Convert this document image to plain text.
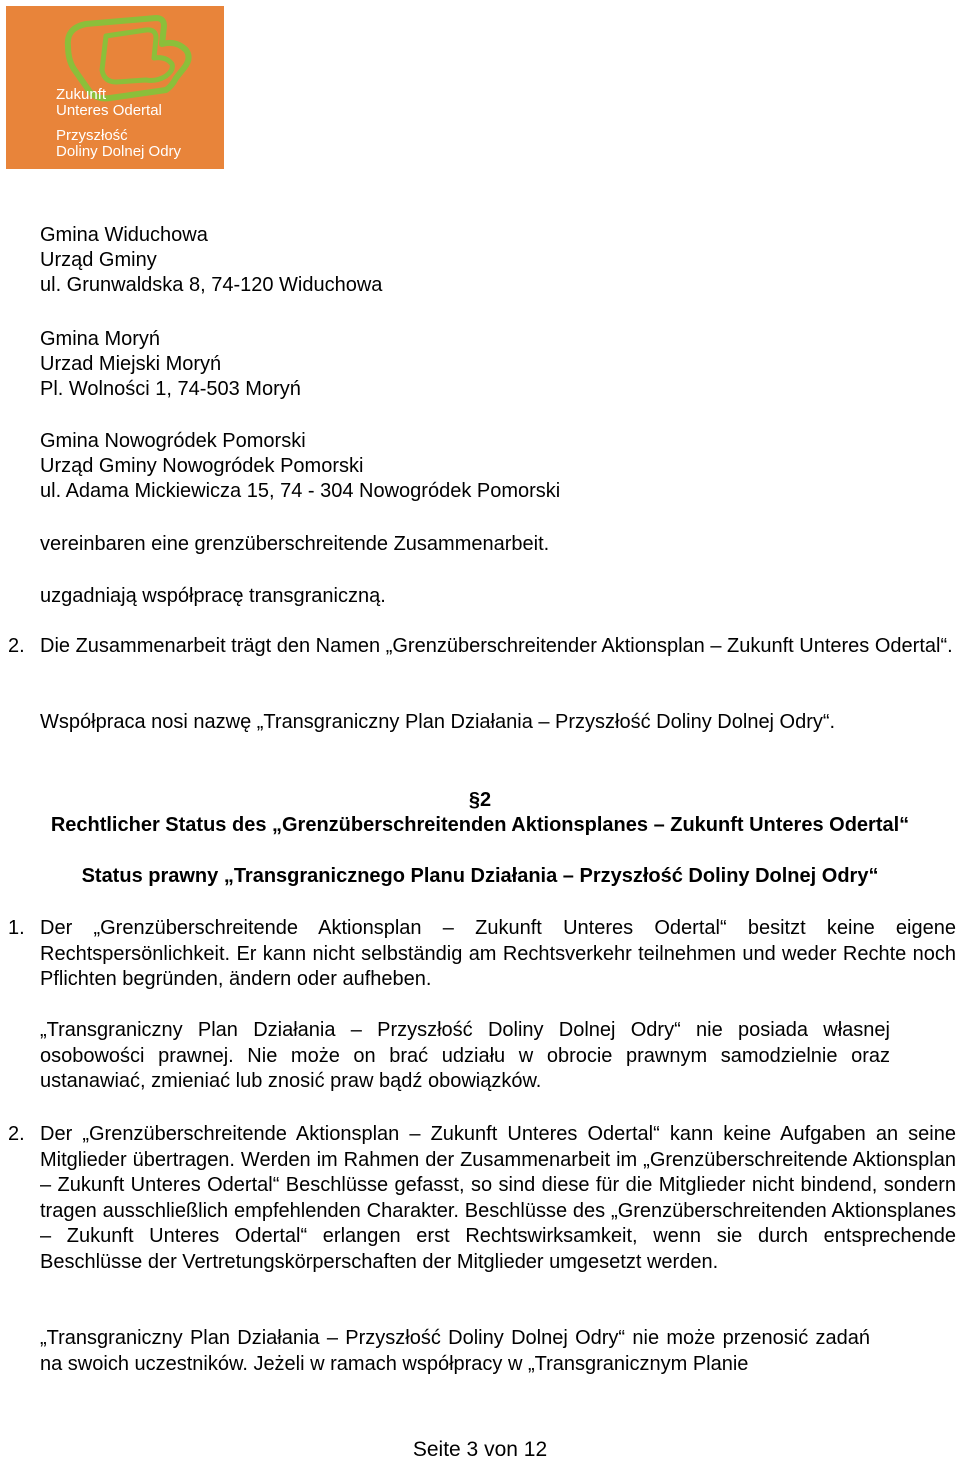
Zukunft
Unteres Odertal
Przyszłość
Doliny Dolnej Odry
Gmina Widuchowa
Urząd Gminy
ul. Grunwaldska 8, 74-120 Widuchowa
Gmina Moryń
Urzad Miejski Moryń
Pl. Wolności 1, 74-503 Moryń
Gmina Nowogródek Pomorski
Urząd Gminy Nowogródek Pomorski
ul. Adama Mickiewicza 15, 74 - 304 Nowogródek Pomorski
vereinbaren eine grenzüberschreitende Zusammenarbeit.
uzgadniają współpracę transgraniczną.
2. Die Zusammenarbeit trägt den Namen „Grenzüberschreitender Aktionsplan – Zukunft Unteres Odertal“.
Współpraca nosi nazwę „Transgraniczny Plan Działania – Przyszłość Doliny Dolnej Odry“.
§2
Rechtlicher Status des „Grenzüberschreitenden Aktionsplanes – Zukunft Unteres Odertal“
Status prawny „Transgranicznego Planu Działania – Przyszłość Doliny Dolnej Odry“
1. Der „Grenzüberschreitende Aktionsplan – Zukunft Unteres Odertal“ besitzt keine eigene Rechtspersönlichkeit. Er kann nicht selbständig am Rechtsverkehr teilnehmen und weder Rechte noch Pflichten begründen, ändern oder aufheben.
„Transgraniczny Plan Działania – Przyszłość Doliny Dolnej Odry“ nie posiada własnej osobowości prawnej. Nie może on brać udziału w obrocie prawnym samodzielnie oraz ustanawiać, zmieniać lub znosić praw bądź obowiązków.
2. Der „Grenzüberschreitende Aktionsplan – Zukunft Unteres Odertal“ kann keine Aufgaben an seine Mitglieder übertragen. Werden im Rahmen der Zusammenarbeit im „Grenzüberschreitende Aktionsplan – Zukunft Unteres Odertal“ Beschlüsse gefasst, so sind diese für die Mitglieder nicht bindend, sondern tragen ausschließlich empfehlenden Charakter. Beschlüsse des „Grenzüberschreitenden Aktionsplanes – Zukunft Unteres Odertal“ erlangen erst Rechtswirksamkeit, wenn sie durch entsprechende Beschlüsse der Vertretungskörperschaften der Mitglieder umgesetzt werden.
„Transgraniczny Plan Działania – Przyszłość Doliny Dolnej Odry“ nie może przenosić zadań na swoich uczestników. Jeżeli w ramach współpracy w „Transgranicznym Planie
Seite 3 von 12
